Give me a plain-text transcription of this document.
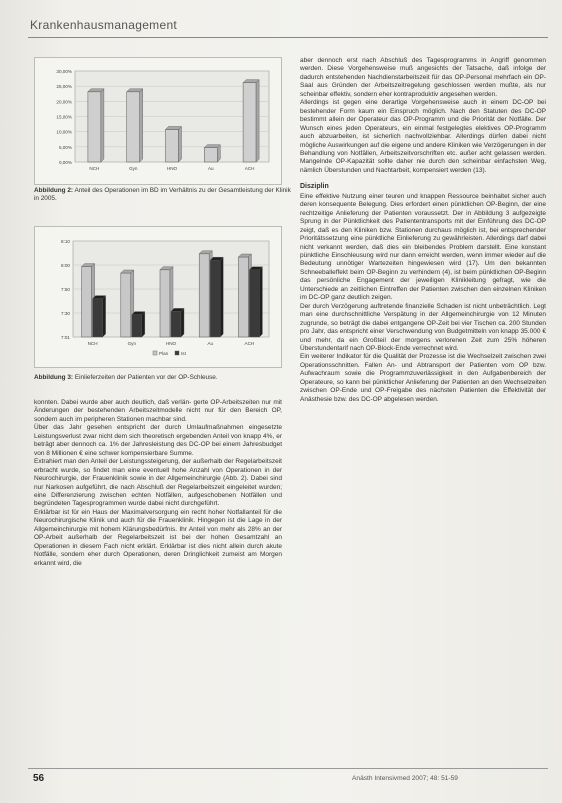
Krankenhausmanagement
0,00%
5,00%
10,00%
15,00%
20,00%
25,00%
30,00%
NCH	Gyn	HNO	Au	ACH
Abbildung 2: Anteil des Operationen im BD im Verhältnis zu der Gesamtleistung der Klinik in 2005.
7:01
7:30
7:50
8:00
8:10
NCH	Gyn	HNO	Au	ACH
Plan	Ist
Abbildung 3: Einlieferzeiten der Patienten vor der OP-Schleuse.

konnten. Dabei wurde aber auch deutlich, daß verlän- gerte OP-Arbeitszeiten nur mit Änderungen der bestehenden Arbeitszeitmodelle nicht nur für den Bereich OP, sondern auch im peripheren Stationen machbar sind.

Über das Jahr gesehen entspricht der durch Umlaufmaßnahmen eingesetzte Leistungsverlust zwar nicht dem sich theoretisch ergebenden Anteil von knapp 4%, er beträgt aber dennoch ca. 1% der Jahresleistung des DC-OP bei einem Jahresbudget von 8 Millionen € eine schwer kompensierbare Summe.

Extrahiert man den Anteil der Leistungssteigerung, der außerhalb der Regelarbeitszeit erbracht wurde, so findet man eine eventuell hohe Anzahl von Operationen in der Neurochirurgie, der Frauenklinik sowie in der Allgemeinchirurgie (Abb. 2). Dabei sind nur Narkosen aufgeführt, die nach Abschluß der Regelarbeitszeit eingeleitet wurden; eine Differenzierung zwischen echten Notfällen, aufgeschobenen Notfällen und begründeten Tagesprogrammen wurde dabei nicht durchgeführt.

Erklärbar ist für ein Haus der Maximalversorgung ein recht hoher Notfallanteil für die Neurochirurgische Klinik und auch für die Frauenklinik. Hingegen ist die Lage in der Allgemeinchirurgie mit hohem Klärungsbedürfnis. Ihr Anteil von mehr als 28% an der OP-Arbeit außerhalb der Regelarbeitszeit ist bei der hohen Gesamtzahl an Operationen in diesem Fach nicht erklärt. Erklärbar ist dies nicht allein durch akute Notfälle, sondern eher durch Operationen, deren Dringlichkeit zumeist am Morgen erkannt wird, die

aber dennoch erst nach Abschluß des Tagesprogramms in Angriff genommen werden. Diese Vorgehensweise muß angesichts der Tatsache, daß infolge der dadurch entstehenden Nachdienstarbeitszeit für das OP-Personal mehrfach ein OP-Saal aus Gründen der Arbeitszeitregelung geschlossen werden mußte, als nur scheinbar effektiv, sondern eher kontraproduktiv angesehen werden.

Allerdings ist gegen eine derartige Vorgehensweise auch in einem DC-OP bei bestehender Form kaum ein Einspruch möglich. Nach den Statuten des DC-OP bestimmt allein der Operateur das OP-Programm und die Priorität der Notfälle. Der Wunsch eines jeden Operateurs, ein einmal festgelegtes elektives OP-Programm auch abzuarbeiten, ist sicherlich nachvollziehbar. Allerdings dürfen dabei nicht mögliche Auswirkungen auf die eigene und andere Kliniken wie Verzögerungen in der Behandlung von Notfällen, Arbeitszeitvorschriften etc. außer acht gelassen werden. Mangelnde OP-Kapazität sollte daher nie durch den scheinbar einfachsten Weg, nämlich Überstunden und Nachtarbeit, kompensiert werden (13).

Disziplin

Eine effektive Nutzung einer teuren und knappen Ressource beinhaltet sicher auch deren konsequente Belegung. Dies erfordert einen pünktlichen OP-Beginn, der eine rechtzeitige Anlieferung der Patienten voraussetzt. Der in Abbildung 3 aufgezeigte Sprung in der Pünktlichkeit des Patiententransports mit der Einführung des DC-OP zeigt, daß es den Kliniken bzw. Stationen durchaus möglich ist, bei entsprechender Prioritätssetzung eine pünktliche Einlieferung zu gewährleisten. Allerdings darf dabei nicht verkannt werden, daß dies ein bleibendes Problem darstellt. Eine konstant pünktliche Einschleusung wird nur dann erreicht werden, wenn immer wieder auf die Bedeutung unnötiger Wartezeiten hingewiesen wird (17). Um den bekannten Schneeballeffekt beim OP-Beginn zu verhindern (4), ist beim pünktlichen OP-Beginn das persönliche Engagement der jeweiligen Klinikleitung gefragt, wie die Unterschiede an zeitlichen Eintreffen der Patienten zwischen den einzelnen Kliniken im DC-OP ganz deutlich zeigen.

Der durch Verzögerung auftretende finanzielle Schaden ist nicht unbeträchtlich. Legt man eine durchschnittliche Verspätung in der Allgemeinchirurgie von 12 Minuten zugrunde, so beträgt die dabei entgangene OP-Zeit bei vier Tischen ca. 200 Stunden pro Jahr, das entspricht einer Verschwendung von Budgetmitteln von knapp 35.000 € und mehr, da ein Großteil der morgens verlorenen Zeit zum 25% höheren Überstundentarif nach OP-Block-Ende verrechnet wird.

Ein weiterer Indikator für die Qualität der Prozesse ist die Wechselzeit zwischen zwei Operationsschnitten. Fallen An- und Abtransport der Patienten vom OP bzw. Aufwachraum sowie die Programmzuverlässigkeit in den Aufgabenbereich der Operateure, so kann bei pünktlicher Anlieferung der Patienten an den Wechselzeiten zwischen OP-Ende und OP-Freigabe des nächsten Patienten die Effektivität der Anästhesie bzw. des DC-OP abgelesen werden.

56	Anästh Intensivmed 2007; 48: 51-59
